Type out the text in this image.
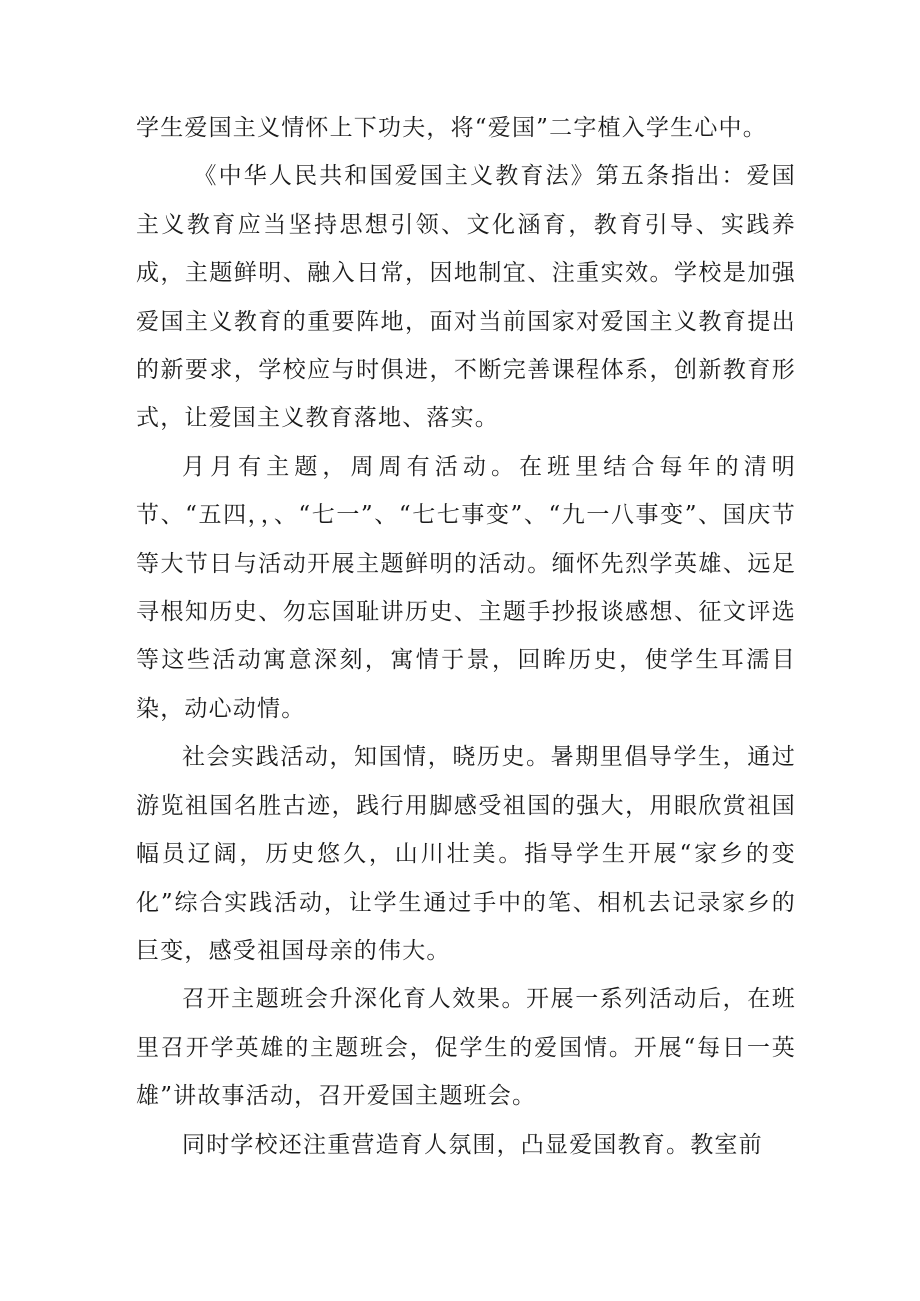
学生爱国主义情怀上下功夫，将“爱国”二字植入学生心中。

《中华人民共和国爱国主义教育法》第五条指出：爱国主义教育应当坚持思想引领、文化涵育，教育引导、实践养成，主题鲜明、融入日常，因地制宜、注重实效。学校是加强爱国主义教育的重要阵地，面对当前国家对爱国主义教育提出的新要求，学校应与时俱进，不断完善课程体系，创新教育形式，让爱国主义教育落地、落实。

月月有主题，周周有活动。在班里结合每年的清明节、“五四，，、“七一”、“七七事变”、“九一八事变”、国庆节等大节日与活动开展主题鲜明的活动。缅怀先烈学英雄、远足寻根知历史、勿忘国耻讲历史、主题手抄报谈感想、征文评选等这些活动寓意深刻，寓情于景，回眸历史，使学生耳濡目染，动心动情。

社会实践活动，知国情，晓历史。暑期里倡导学生，通过游览祖国名胜古迹，践行用脚感受祖国的强大，用眼欣赏祖国幅员辽阔，历史悠久，山川壮美。指导学生开展“家乡的变化”综合实践活动，让学生通过手中的笔、相机去记录家乡的巨变，感受祖国母亲的伟大。

召开主题班会升深化育人效果。开展一系列活动后，在班里召开学英雄的主题班会，促学生的爱国情。开展“每日一英雄”讲故事活动，召开爱国主题班会。

同时学校还注重营造育人氛围，凸显爱国教育。教室前
